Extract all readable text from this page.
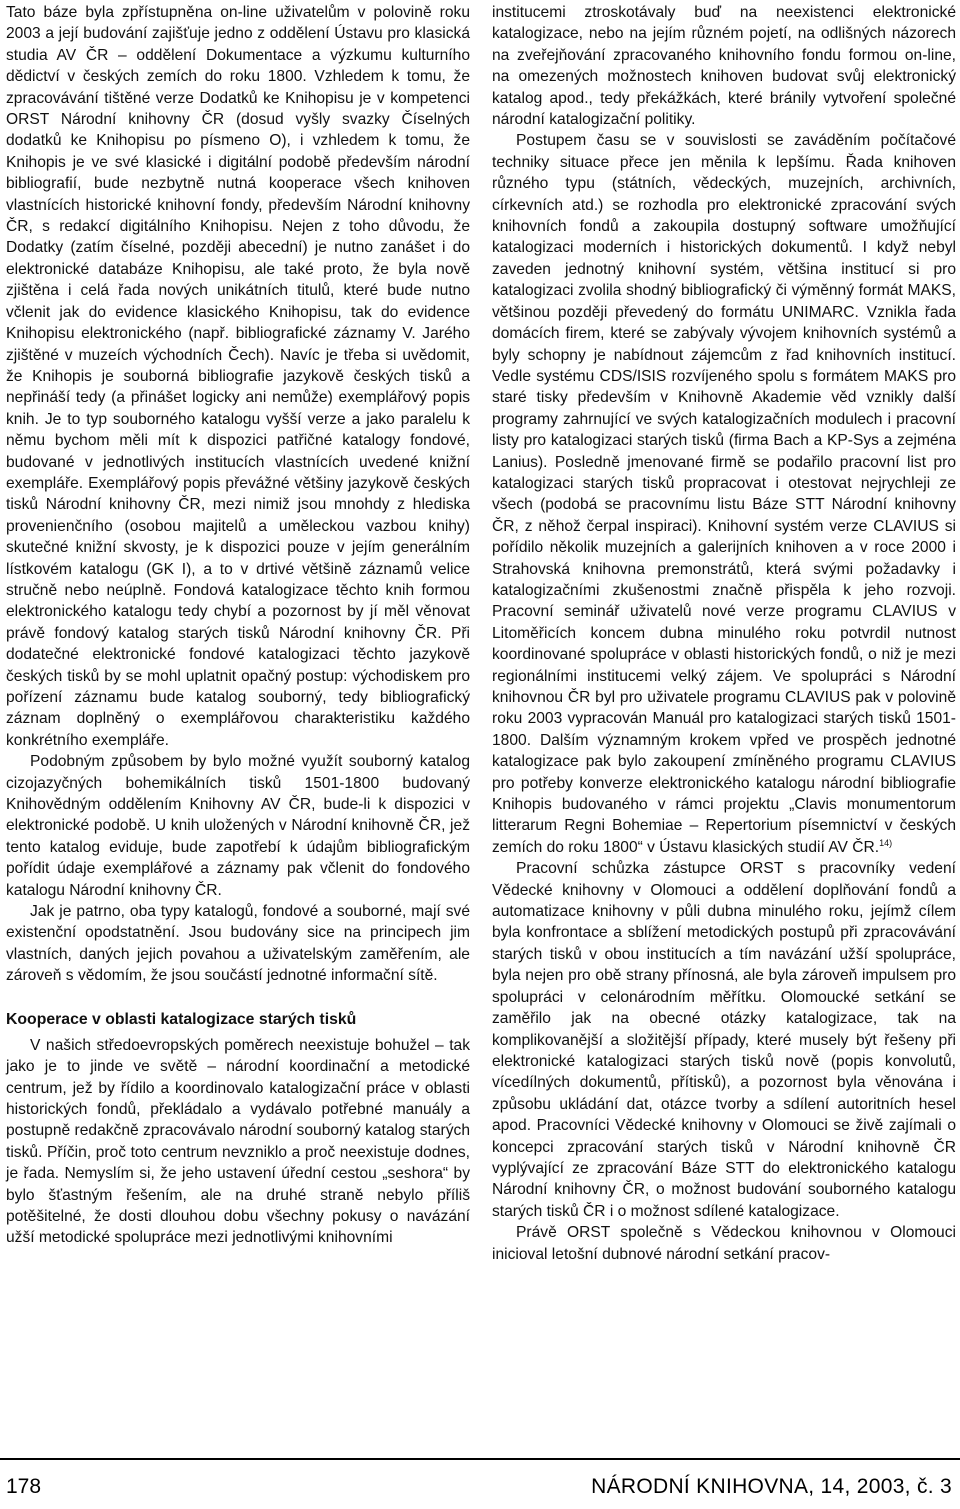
Tato báze byla zpřístupněna on-line uživatelům v polovině roku 2003 a její budování zajišťuje jedno z oddělení Ústavu pro klasická studia AV ČR – oddělení Dokumentace a výzkumu kulturního dědictví v českých zemích do roku 1800. Vzhledem k tomu, že zpracovávání tištěné verze Dodatků ke Knihopisu je v kompetenci ORST Národní knihovny ČR (dosud vyšly svazky Číselných dodatků ke Knihopisu po písmeno O), i vzhledem k tomu, že Knihopis je ve své klasické i digitální podobě především národní bibliografií, bude nezbytně nutná kooperace všech knihoven vlastnících historické knihovní fondy, především Národní knihovny ČR, s redakcí digitálního Knihopisu. Nejen z toho důvodu, že Dodatky (zatím číselné, později abecední) je nutno zanášet i do elektronické databáze Knihopisu, ale také proto, že byla nově zjištěna i celá řada nových unikátních titulů, které bude nutno včlenit jak do evidence klasického Knihopisu, tak do evidence Knihopisu elektronického (např. bibliografické záznamy V. Jarého zjištěné v muzeích východních Čech). Navíc je třeba si uvědomit, že Knihopis je souborná bibliografie jazykově českých tisků a nepřináší tedy (a přinášet logicky ani nemůže) exemplářový popis knih. Je to typ souborného katalogu vyšší verze a jako paralelu k němu bychom měli mít k dispozici patřičné katalogy fondové, budované v jednotlivých institucích vlastnících uvedené knižní exempláře. Exemplářový popis převážné většiny jazykově českých tisků Národní knihovny ČR, mezi nimiž jsou mnohdy z hlediska provenienčního (osobou majitelů a uměleckou vazbou knihy) skutečné knižní skvosty, je k dispozici pouze v jejím generálním lístkovém katalogu (GK I), a to v drtivé většině záznamů velice stručně nebo neúplně. Fondová katalogizace těchto knih formou elektronického katalogu tedy chybí a pozornost by jí měl věnovat právě fondový katalog starých tisků Národní knihovny ČR. Při dodatečné elektronické fondové katalogizaci těchto jazykově českých tisků by se mohl uplatnit opačný postup: východiskem pro pořízení záznamu bude katalog souborný, tedy bibliografický záznam doplněný o exemplářovou charakteristiku každého konkrétního exempláře.

Podobným způsobem by bylo možné využít souborný katalog cizojazyčných bohemikálních tisků 1501-1800 budovaný Knihovědným oddělením Knihovny AV ČR, bude-li k dispozici v elektronické podobě. U knih uložených v Národní knihovně ČR, jež tento katalog eviduje, bude zapotřebí k údajům bibliografickým pořídit údaje exemplářové a záznamy pak včlenit do fondového katalogu Národní knihovny ČR.

Jak je patrno, oba typy katalogů, fondové a souborné, mají své existenční opodstatnění. Jsou budovány sice na principech jim vlastních, daných jejich povahou a uživatelským zaměřením, ale zároveň s vědomím, že jsou součástí jednotné informační sítě.

Kooperace v oblasti katalogizace starých tisků

V našich středoevropských poměrech neexistuje bohužel – tak jako je to jinde ve světě – národní koordinační a metodické centrum, jež by řídilo a koordinovalo katalogizační práce v oblasti historických fondů, překládalo a vydávalo potřebné manuály a postupně redakčně zpracovávalo národní souborný katalog starých tisků. Příčin, proč toto centrum nevzniklo a proč neexistuje dodnes, je řada. Nemyslím si, že jeho ustavení úřední cestou „seshora“ by bylo šťastným řešením, ale na druhé straně nebylo příliš potěšitelné, že dosti dlouhou dobu všechny pokusy o navázání užší metodické spolupráce mezi jednotlivými knihovními

institucemi ztroskotávaly buď na neexistenci elektronické katalogizace, nebo na jejím různém pojetí, na odlišných názorech na zveřejňování zpracovaného knihovního fondu formou on-line, na omezených možnostech knihoven budovat svůj elektronický katalog apod., tedy překážkách, které bránily vytvoření společné národní katalogizační politiky.

Postupem času se v souvislosti se zaváděním počítačové techniky situace přece jen měnila k lepšímu. Řada knihoven různého typu (státních, vědeckých, muzejních, archivních, církevních atd.) se rozhodla pro elektronické zpracování svých knihovních fondů a zakoupila dostupný software umožňující katalogizaci moderních i historických dokumentů. I když nebyl zaveden jednotný knihovní systém, většina institucí si pro katalogizaci zvolila shodný bibliografický či výměnný formát MAKS, většinou později převedený do formátu UNIMARC. Vznikla řada domácích firem, které se zabývaly vývojem knihovních systémů a byly schopny je nabídnout zájemcům z řad knihovních institucí. Vedle systému CDS/ISIS rozvíjeného spolu s formátem MAKS pro staré tisky především v Knihovně Akademie věd vznikly další programy zahrnující ve svých katalogizačních modulech i pracovní listy pro katalogizaci starých tisků (firma Bach a KP-Sys a zejména Lanius). Posledně jmenované firmě se podařilo pracovní list pro katalogizaci starých tisků propracovat i otestovat nejrychleji ze všech (podobá se pracovnímu listu Báze STT Národní knihovny ČR, z něhož čerpal inspiraci). Knihovní systém verze CLAVIUS si pořídilo několik muzejních a galerijních knihoven a v roce 2000 i Strahovská knihovna premonstrátů, která svými požadavky i katalogizačními zkušenostmi značně přispěla k jeho rozvoji. Pracovní seminář uživatelů nové verze programu CLAVIUS v Litoměřicích koncem dubna minulého roku potvrdil nutnost koordinované spolupráce v oblasti historických fondů, o niž je mezi regionálními institucemi velký zájem. Ve spolupráci s Národní knihovnou ČR byl pro uživatele programu CLAVIUS pak v polovině roku 2003 vypracován Manuál pro katalogizaci starých tisků 1501-1800. Dalším významným krokem vpřed ve prospěch jednotné katalogizace pak bylo zakoupení zmíněného programu CLAVIUS pro potřeby konverze elektronického katalogu národní bibliografie Knihopis budovaného v rámci projektu „Clavis monumentorum litterarum Regni Bohemiae – Repertorium písemnictví v českých zemích do roku 1800“ v Ústavu klasických studií AV ČR.$^{14)}$

Pracovní schůzka zástupce ORST s pracovníky vedení Vědecké knihovny v Olomouci a oddělení doplňování fondů a automatizace knihovny v půli dubna minulého roku, jejímž cílem byla konfrontace a sblížení metodických postupů při zpracovávání starých tisků v obou institucích a tím navázání užší spolupráce, byla nejen pro obě strany přínosná, ale byla zároveň impulsem pro spolupráci v celonárodním měřítku. Olomoucké setkání se zaměřilo jak na obecné otázky katalogizace, tak na komplikovanější a složitější případy, které musely být řešeny při elektronické katalogizaci starých tisků nově (popis konvolutů, vícedílných dokumentů, přítisků), a pozornost byla věnována i způsobu ukládání dat, otázce tvorby a sdílení autoritních hesel apod. Pracovníci Vědecké knihovny v Olomouci se živě zajímali o koncepci zpracování starých tisků v Národní knihovně ČR vyplývající ze zpracování Báze STT do elektronického katalogu Národní knihovny ČR, o možnost budování souborného katalogu starých tisků ČR i o možnost sdílené katalogizace.

Právě ORST společně s Vědeckou knihovnou v Olomouci inicioval letošní dubnové národní setkání pracov-

178	NÁRODNÍ KNIHOVNA, 14, 2003, č. 3
